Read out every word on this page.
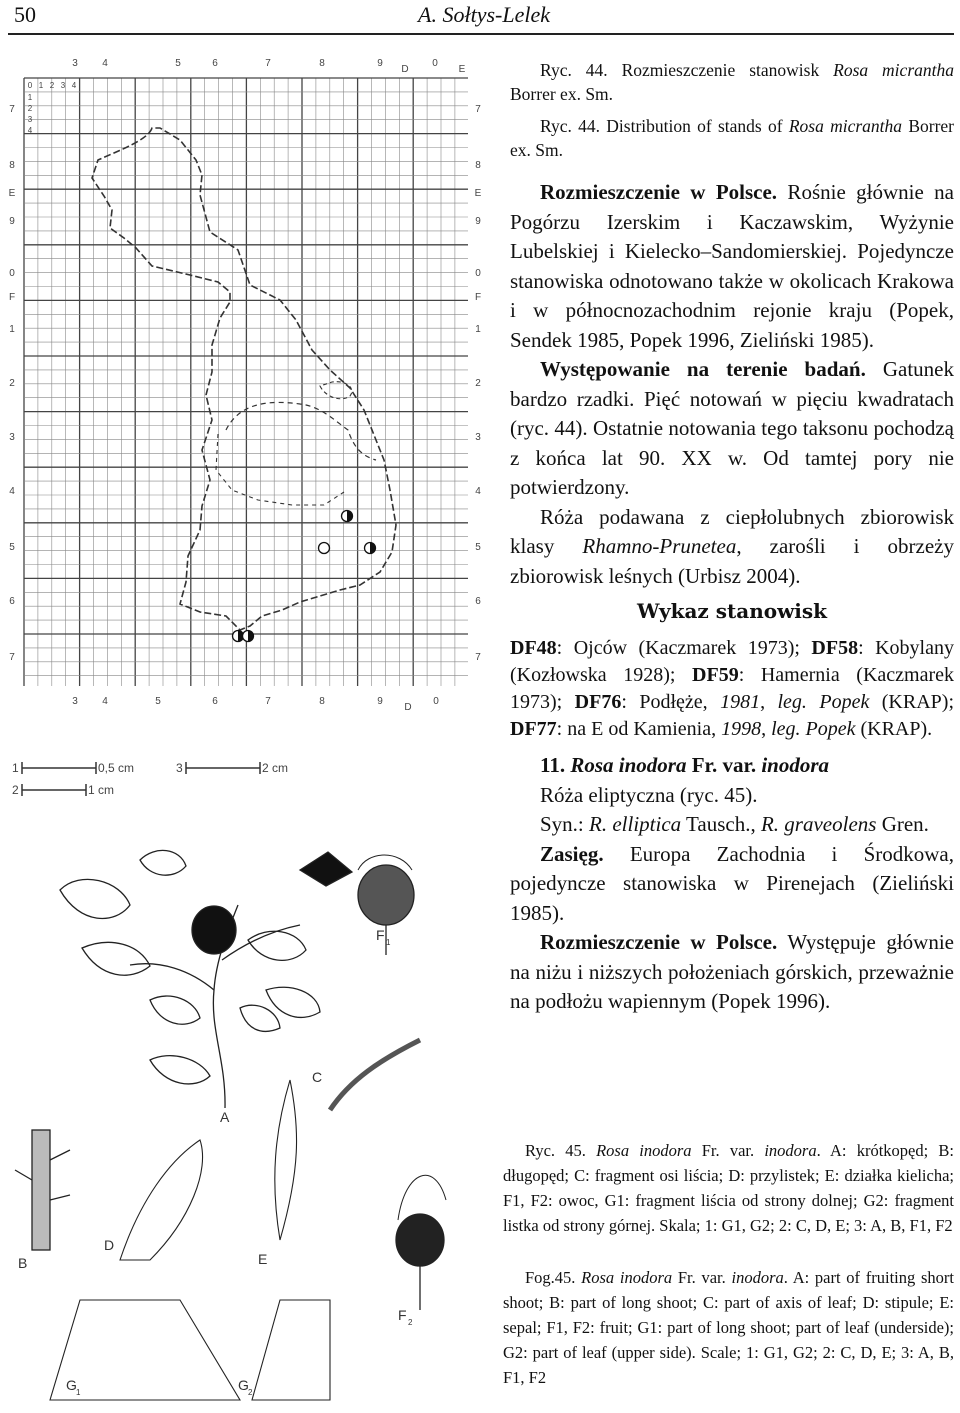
50	A. Sołtys-Lelek
3 4	5	6	7	8	9
D
0
E
0 1 2 3 4
1
2
3
4
7
8
E
9
0
F
1
2
3
4
5
6
7
7
8
E
9
0
F
1
2
3
4
5
6
7
3 4	5	6	7	8	9
D
0
1	0,5 cm
2	1 cm
3	2 cm

Ryc. 44. Rozmieszczenie stanowisk Rosa micrantha Borrer ex. Sm.

Ryc. 44. Distribution of stands of Rosa micrantha Borrer ex. Sm.

Rozmieszczenie w Polsce. Rośnie głównie na Pogórzu Izerskim i Kaczawskim, Wyżynie Lubelskiej i Kielecko–Sandomierskiej. Pojedyncze stanowiska odnotowano także w okolicach Krakowa i w północnozachodnim rejonie kraju (Popek, Sendek 1985, Popek 1996, Zieliński 1985).

Występowanie na terenie badań. Gatunek bardzo rzadki. Pięć notowań w pięciu kwadratach (ryc. 44). Ostatnie notowania tego taksonu pochodzą z końca lat 90. XX w. Od tamtej pory nie potwierdzony.

Róża podawana z ciepłolubnych zbiorowisk klasy Rhamno-Prunetea, zarośli i obrzeży zbiorowisk leśnych (Urbisz 2004).

Wykaz stanowisk

DF48: Ojców (Kaczmarek 1973); DF58: Kobylany (Kozłowska 1928); DF59: Hamernia (Kaczmarek 1973); DF76: Podłęże, 1981, leg. Popek (KRAP); DF77: na E od Kamienia, 1998, leg. Popek (KRAP).

11. Rosa inodora Fr. var. inodora

Róża eliptyczna (ryc. 45).

Syn.: R. elliptica Tausch., R. graveolens Gren.

Zasięg. Europa Zachodnia i Środkowa, pojedyncze stanowiska w Pirenejach (Zieliński 1985).

Rozmieszczenie w Polsce. Występuje głównie na niżu i niższych położeniach górskich, przeważnie na podłożu wapiennym (Popek 1996).

A
B
C
D
E
F 1
F 2
G 1	G 2
Ryc. 45. Rosa inodora Fr. var. inodora. A: krótkopęd; B: długopęd; C: fragment osi liścia; D: przylistek; E: działka kielicha; F1, F2: owoc, G1: fragment liścia od strony dolnej; G2: fragment listka od strony górnej. Skala; 1: G1, G2; 2: C, D, E; 3: A, B, F1, F2
Fog.45. Rosa inodora Fr. var. inodora. A: part of fruiting short shoot; B: part of long shoot; C: part of axis of leaf; D: stipule; E: sepal; F1, F2: fruit; G1: part of long shoot; part of leaf (underside); G2: part of leaf (upper side). Scale; 1: G1, G2; 2: C, D, E; 3: A, B, F1, F2
